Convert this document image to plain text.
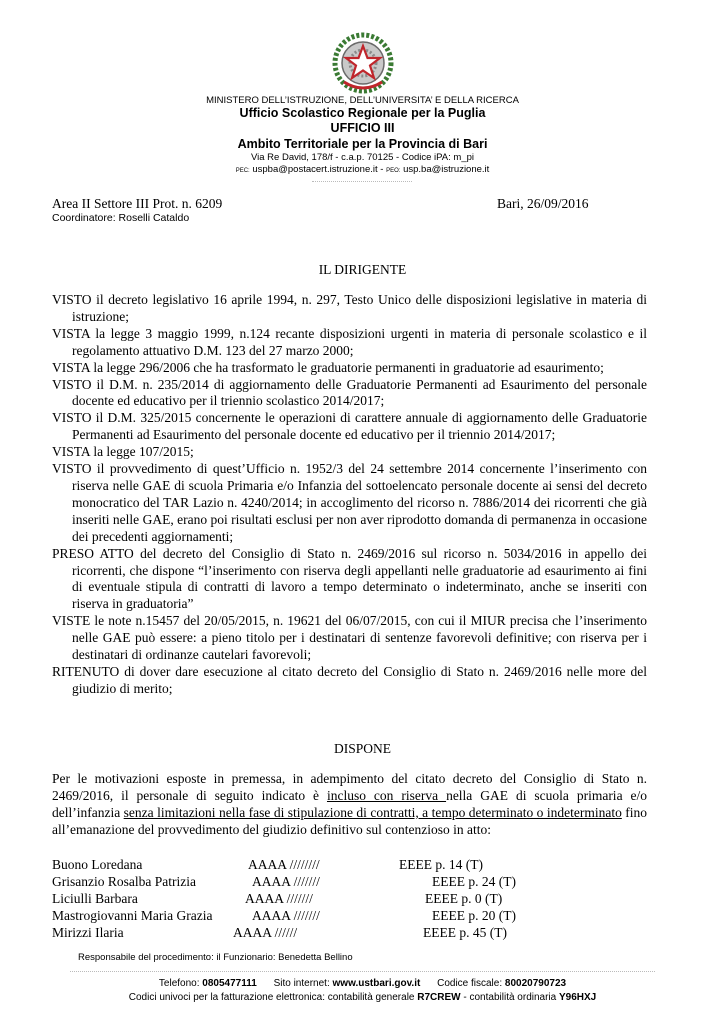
MINISTERO DELL’ISTRUZIONE, DELL’UNIVERSITA’ E DELLA RICERCA
Ufficio Scolastico Regionale per la Puglia
UFFICIO III
Ambito Territoriale per la Provincia di Bari
Via Re David, 178/f - c.a.p. 70125 - Codice iPA: m_pi
PEC: uspba@postacert.istruzione.it - PEO: usp.ba@istruzione.it
Area II Settore III Prot. n. 6209	Bari, 26/09/2016
Coordinatore: Roselli Cataldo
IL DIRIGENTE
VISTO il decreto legislativo 16 aprile 1994, n. 297, Testo Unico delle disposizioni legislative in materia di istruzione;
VISTA la legge 3 maggio 1999, n.124 recante disposizioni urgenti in materia di personale scolastico e il regolamento attuativo D.M. 123 del 27 marzo 2000;
VISTA la legge 296/2006 che ha trasformato le graduatorie permanenti in graduatorie ad esaurimento;
VISTO il D.M. n. 235/2014 di aggiornamento delle Graduatorie Permanenti ad Esaurimento del personale docente ed educativo per il triennio scolastico 2014/2017;
VISTO il D.M. 325/2015 concernente le operazioni di carattere annuale di aggiornamento delle Graduatorie Permanenti ad Esaurimento del personale docente ed educativo per il triennio 2014/2017;
VISTA la legge 107/2015;
VISTO il provvedimento di quest’Ufficio n. 1952/3 del 24 settembre 2014 concernente l’inserimento con riserva nelle GAE di scuola Primaria e/o Infanzia del sottoelencato personale docente ai sensi del decreto monocratico del TAR Lazio n. 4240/2014; in accoglimento del ricorso n. 7886/2014 dei ricorrenti che già inseriti nelle GAE, erano poi risultati esclusi per non aver riprodotto domanda di permanenza in occasione dei precedenti aggiornamenti;
PRESO ATTO del decreto del Consiglio di Stato n. 2469/2016 sul ricorso n. 5034/2016 in appello dei ricorrenti, che dispone “l’inserimento con riserva degli appellanti nelle graduatorie ad esaurimento ai fini di eventuale stipula di contratti di lavoro a tempo determinato o indeterminato, anche se inseriti con riserva in graduatoria”
VISTE le note n.15457 del 20/05/2015, n. 19621 del 06/07/2015, con cui il MIUR precisa che l’inserimento nelle GAE può essere: a pieno titolo per i destinatari di sentenze favorevoli definitive; con riserva per i destinatari di ordinanze cautelari favorevoli;
RITENUTO di dover dare esecuzione al citato decreto del Consiglio di Stato n. 2469/2016 nelle more del giudizio di merito;
DISPONE
Per le motivazioni esposte in premessa, in adempimento del citato decreto del Consiglio di Stato n. 2469/2016, il personale di seguito indicato è incluso con riserva nella GAE di scuola primaria e/o dell’infanzia senza limitazioni nella fase di stipulazione di contratti, a tempo determinato o indeterminato fino all’emanazione del provvedimento del giudizio definitivo sul contenzioso in atto:
Buono Loredana	AAAA ////////	EEEE p. 14 (T)
Grisanzio Rosalba Patrizia	AAAA ///////	EEEE p. 24 (T)
Liciulli Barbara	AAAA ///////	EEEE p. 0 (T)
Mastrogiovanni Maria Grazia	AAAA ///////	EEEE p. 20 (T)
Mirizzi Ilaria	AAAA //////	EEEE p. 45 (T)
Responsabile del procedimento: il Funzionario: Benedetta Bellino
Telefono: 0805477111 Sito internet: www.ustbari.gov.it Codice fiscale: 80020790723
Codici univoci per la fatturazione elettronica: contabilità generale R7CREW - contabilità ordinaria Y96HXJ
